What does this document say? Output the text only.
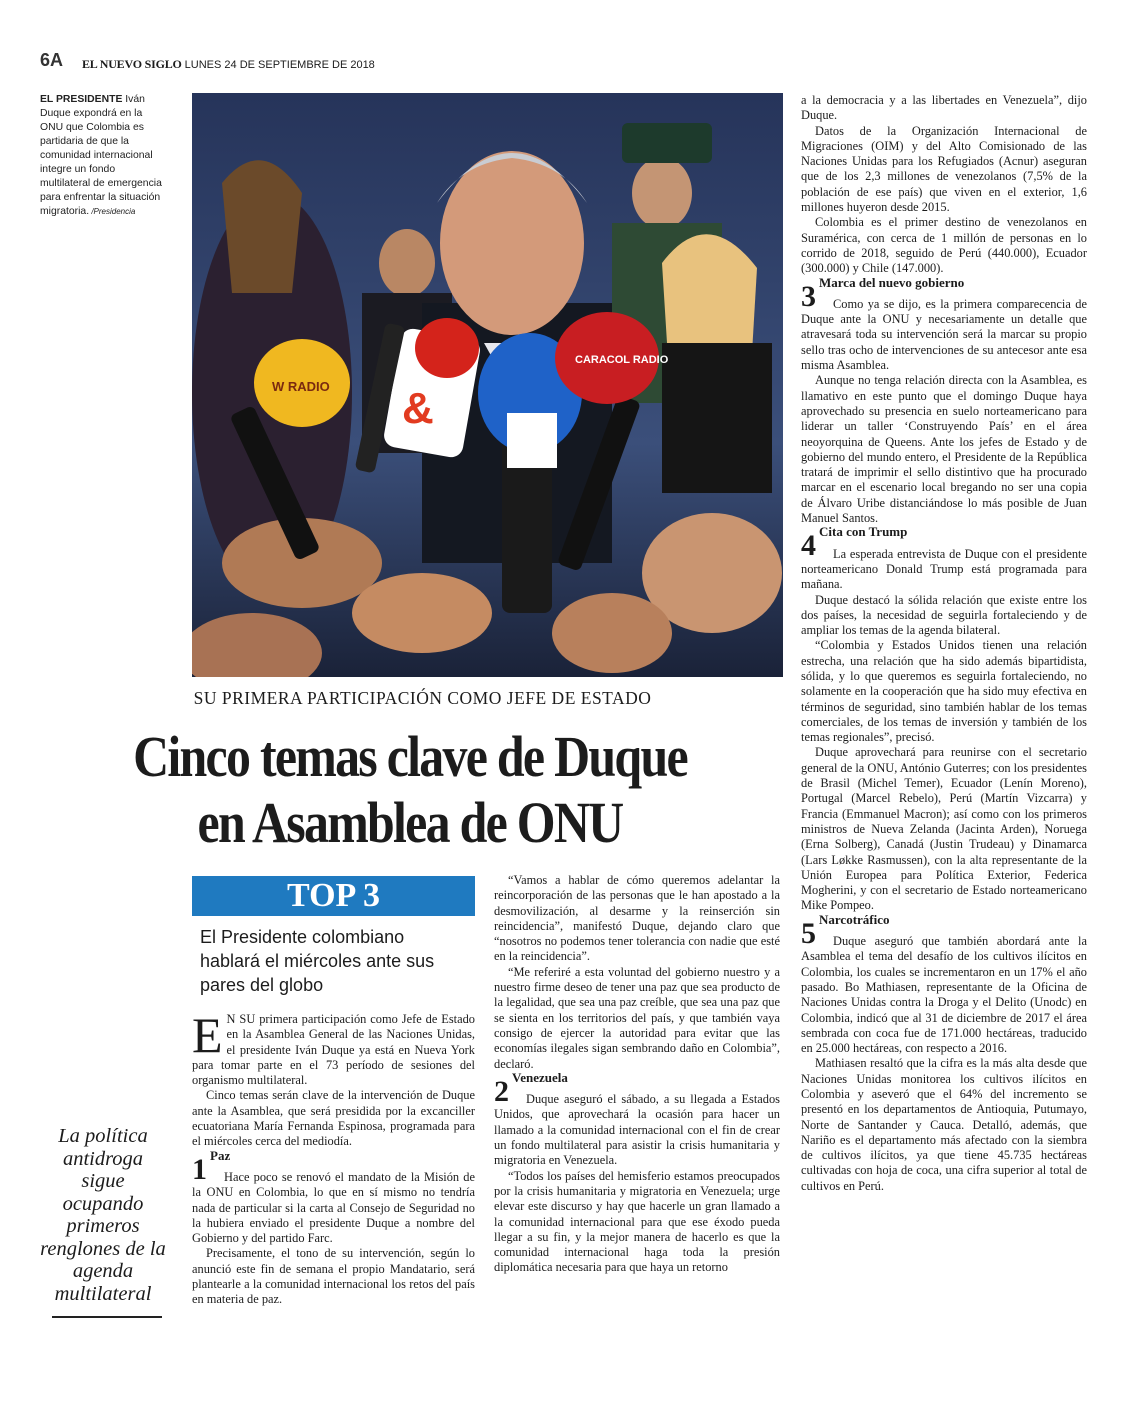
6A EL NUEVO SIGLO LUNES 24 DE SEPTIEMBRE DE 2018
EL PRESIDENTE Iván Duque expondrá en la ONU que Colombia es partidaria de que la comunidad internacional integre un fondo multilateral de emergencia para enfrentar la situación migratoria. /Presidencia
W RADIO &
CARACOL RADIO
SU PRIMERA PARTICIPACIÓN COMO JEFE DE ESTADO
Cinco temas clave de Duque
en Asamblea de ONU
TOP 3
El Presidente colombiano hablará el miércoles ante sus pares del globo
La política antidroga sigue ocupando primeros renglones de la agenda multilateral

E N SU primera participación como Jefe de Estado en la Asamblea General de las Naciones Unidas, el presidente Iván Duque ya está en Nueva York para tomar parte en el 73 período de sesiones del organismo multilateral.

Cinco temas serán clave de la intervención de Duque ante la Asamblea, que será presidida por la excanciller ecuatoriana María Fernanda Espinosa, programada para el miércoles cerca del mediodía.

1 Paz

Hace poco se renovó el mandato de la Misión de la ONU en Colombia, lo que en sí mismo no tendría nada de particular si la carta al Consejo de Seguridad no la hubiera enviado el presidente Duque a nombre del Gobierno y del partido Farc.

Precisamente, el tono de su intervención, según lo anunció este fin de semana el propio Mandatario, será plantearle a la comunidad internacional los retos del país en materia de paz.

“Vamos a hablar de cómo queremos adelantar la reincorporación de las personas que le han apostado a la desmovilización, al desarme y la reinserción sin reincidencia”, manifestó Duque, dejando claro que “nosotros no podemos tener tolerancia con nadie que esté en la reincidencia”.

“Me referiré a esta voluntad del gobierno nuestro y a nuestro firme deseo de tener una paz que sea producto de la legalidad, que sea una paz creíble, que sea una paz que se sienta en los territorios del país, y que también vaya consigo de ejercer la autoridad para evitar que las economías ilegales sigan sembrando daño en Colombia”, declaró.

2 Venezuela

Duque aseguró el sábado, a su llegada a Estados Unidos, que aprovechará la ocasión para hacer un llamado a la comunidad internacional con el fin de crear un fondo multilateral para asistir la crisis humanitaria y migratoria en Venezuela.

“Todos los países del hemisferio estamos preocupados por la crisis humanitaria y migratoria en Venezuela; urge elevar este discurso y hay que hacerle un gran llamado a la comunidad internacional para que ese éxodo pueda llegar a su fin, y la mejor manera de hacerlo es que la comunidad internacional haga toda la presión diplomática necesaria para que haya un retorno

a la democracia y a las libertades en Venezuela”, dijo Duque.

Datos de la Organización Internacional de Migraciones (OIM) y del Alto Comisionado de las Naciones Unidas para los Refugiados (Acnur) aseguran que de los 2,3 millones de venezolanos (7,5% de la población de ese país) que viven en el exterior, 1,6 millones huyeron desde 2015.

Colombia es el primer destino de venezolanos en Suramérica, con cerca de 1 millón de personas en lo corrido de 2018, seguido de Perú (440.000), Ecuador (300.000) y Chile (147.000).

3 Marca del nuevo gobierno

Como ya se dijo, es la primera comparecencia de Duque ante la ONU y necesariamente un detalle que atravesará toda su intervención será la marcar su propio sello tras ocho de intervenciones de su antecesor ante esa misma Asamblea.

Aunque no tenga relación directa con la Asamblea, es llamativo en este punto que el domingo Duque haya aprovechado su presencia en suelo norteamericano para liderar un taller ‘Construyendo País’ en el área neoyorquina de Queens. Ante los jefes de Estado y de gobierno del mundo entero, el Presidente de la República tratará de imprimir el sello distintivo que ha procurado marcar en el escenario local bregando no ser una copia de Álvaro Uribe distanciándose lo más posible de Juan Manuel Santos.

4 Cita con Trump

La esperada entrevista de Duque con el presidente norteamericano Donald Trump está programada para mañana.

Duque destacó la sólida relación que existe entre los dos países, la necesidad de seguirla fortaleciendo y de ampliar los temas de la agenda bilateral.

“Colombia y Estados Unidos tienen una relación estrecha, una relación que ha sido además bipartidista, sólida, y lo que queremos es seguirla fortaleciendo, no solamente en la cooperación que ha sido muy efectiva en términos de seguridad, sino también hablar de los temas comerciales, de los temas de inversión y también de los temas regionales”, precisó.

Duque aprovechará para reunirse con el secretario general de la ONU, António Guterres; con los presidentes de Brasil (Michel Temer), Ecuador (Lenín Moreno), Portugal (Marcel Rebelo), Perú (Martín Vizcarra) y Francia (Emmanuel Macron); así como con los primeros ministros de Nueva Zelanda (Jacinta Arden), Noruega (Erna Solberg), Canadá (Justin Trudeau) y Dinamarca (Lars Løkke Rasmussen), con la alta representante de la Unión Europea para Política Exterior, Federica Mogherini, y con el secretario de Estado norteamericano Mike Pompeo.

5 Narcotráfico

Duque aseguró que también abordará ante la Asamblea el tema del desafío de los cultivos ilícitos en Colombia, los cuales se incrementaron en un 17% el año pasado. Bo Mathiasen, representante de la Oficina de Naciones Unidas contra la Droga y el Delito (Unodc) en Colombia, indicó que al 31 de diciembre de 2017 el área sembrada con coca fue de 171.000 hectáreas, traducido en 25.000 hectáreas, con respecto a 2016.

Mathiasen resaltó que la cifra es la más alta desde que Naciones Unidas monitorea los cultivos ilícitos en Colombia y aseveró que el 64% del incremento se presentó en los departamentos de Antioquia, Putumayo, Norte de Santander y Cauca. Detalló, además, que Nariño es el departamento más afectado con la siembra de cultivos ilícitos, ya que tiene 45.735 hectáreas cultivadas con hoja de coca, una cifra superior al total de cultivos en Perú.
